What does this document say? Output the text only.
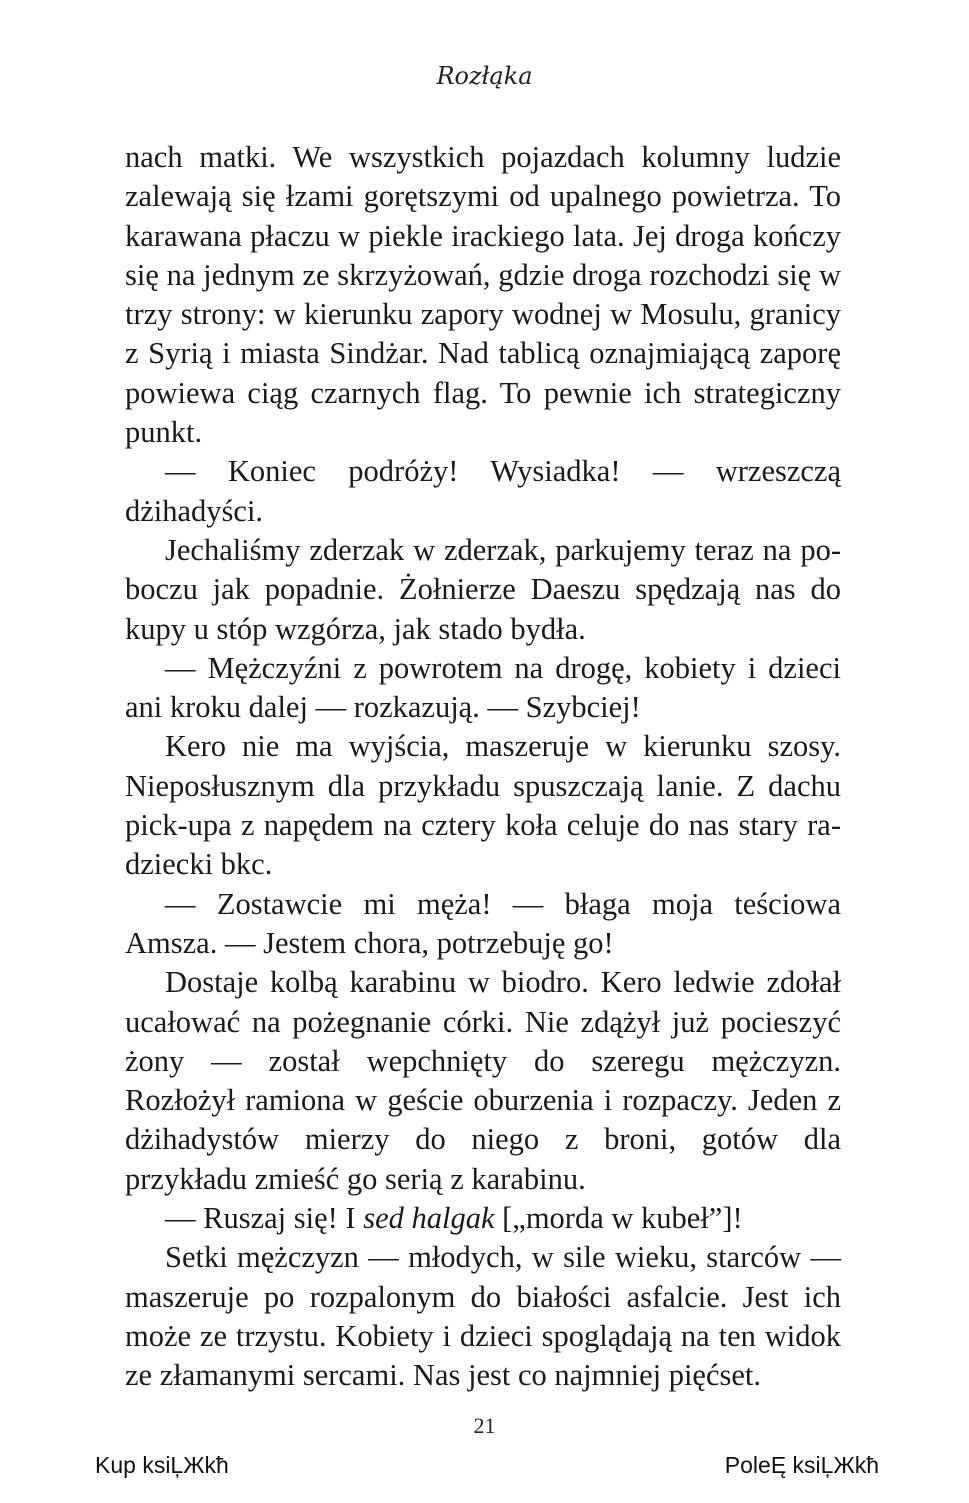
Rozłąka

nach matki. We wszystkich pojazdach kolumny ludzie zalewają się łzami gorętszymi od upalnego powietrza. To karawana płaczu w piekle irackiego lata. Jej droga kończy się na jednym ze skrzyżowań, gdzie droga rozchodzi się w trzy strony: w kierunku zapory wodnej w Mosulu, granicy z Syrią i miasta Sindżar. Nad tablicą oznajmiającą zaporę powiewa ciąg czarnych flag. To pewnie ich strategiczny punkt.

— Koniec podróży! Wysiadka! — wrzeszczą dżihadyści.

Jechaliśmy zderzak w zderzak, parkujemy teraz na poboczu jak popadnie. Żołnierze Daeszu spędzają nas do kupy u stóp wzgórza, jak stado bydła.

— Mężczyźni z powrotem na drogę, kobiety i dzieci ani kroku dalej — rozkazują. — Szybciej!

Kero nie ma wyjścia, maszeruje w kierunku szosy. Nieposłusznym dla przykładu spuszczają lanie. Z dachu pick-upa z napędem na cztery koła celuje do nas stary radziecki bkc.

— Zostawcie mi męża! — błaga moja teściowa Amsza. — Jestem chora, potrzebuję go!

Dostaje kolbą karabinu w biodro. Kero ledwie zdołał ucałować na pożegnanie córki. Nie zdążył już pocieszyć żony — został wepchnięty do szeregu mężczyzn. Rozłożył ramiona w geście oburzenia i rozpaczy. Jeden z dżihadystów mierzy do niego z broni, gotów dla przykładu zmieść go serią z karabinu.

— Ruszaj się! I sed halgak [„morda w kubeł”]!

Setki mężczyzn — młodych, w sile wieku, starców — maszeruje po rozpalonym do białości asfalcie. Jest ich może ze trzystu. Kobiety i dzieci spoglądają na ten widok ze złamanymi sercami. Nas jest co najmniej pięćset.

21
Kup ksiĻЖkħ	PoleĘ ksiĻЖkħ
